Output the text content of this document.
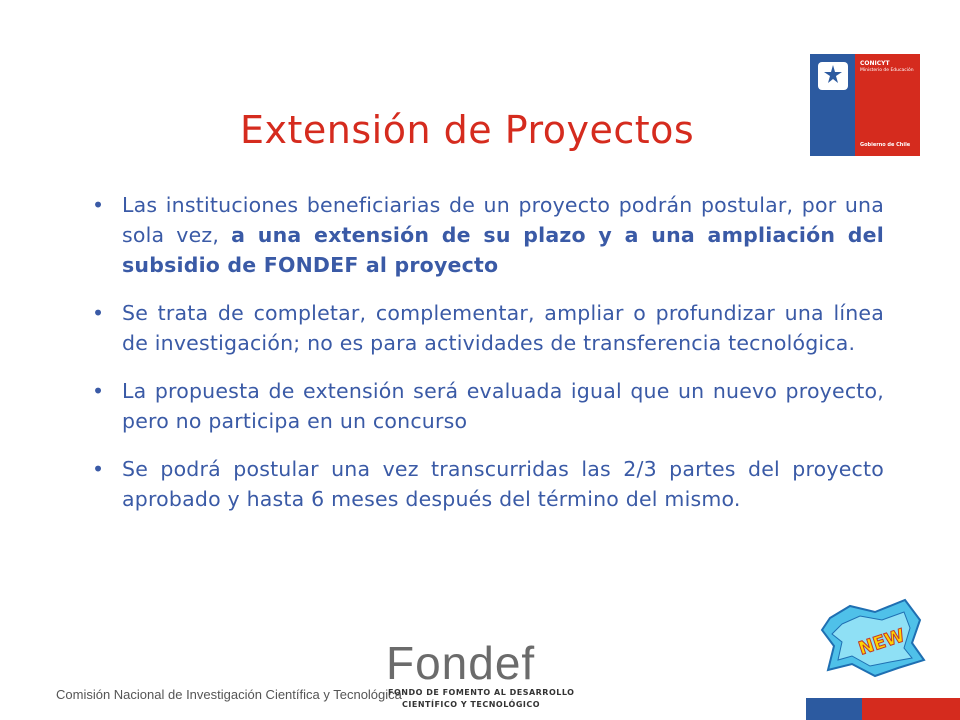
Extensión de Proyectos
CONICYT
Ministerio de Educación
Gobierno de Chile
• Las instituciones beneficiarias de un proyecto podrán postular, por una sola vez, a una extensión de su plazo y a una ampliación del subsidio de FONDEF al proyecto
• Se trata de completar, complementar, ampliar o profundizar una línea de investigación; no es para actividades de transferencia tecnológica.
• La propuesta de extensión será evaluada igual que un nuevo proyecto, pero no participa en un concurso
• Se podrá postular una vez transcurridas las 2/3 partes del proyecto aprobado y hasta 6 meses después del término del mismo.
Comisión Nacional de Investigación Científica y Tecnológica
Fondef
FONDO DE FOMENTO AL DESARROLLO
CIENTÍFICO Y TECNOLÓGICO
NEW
